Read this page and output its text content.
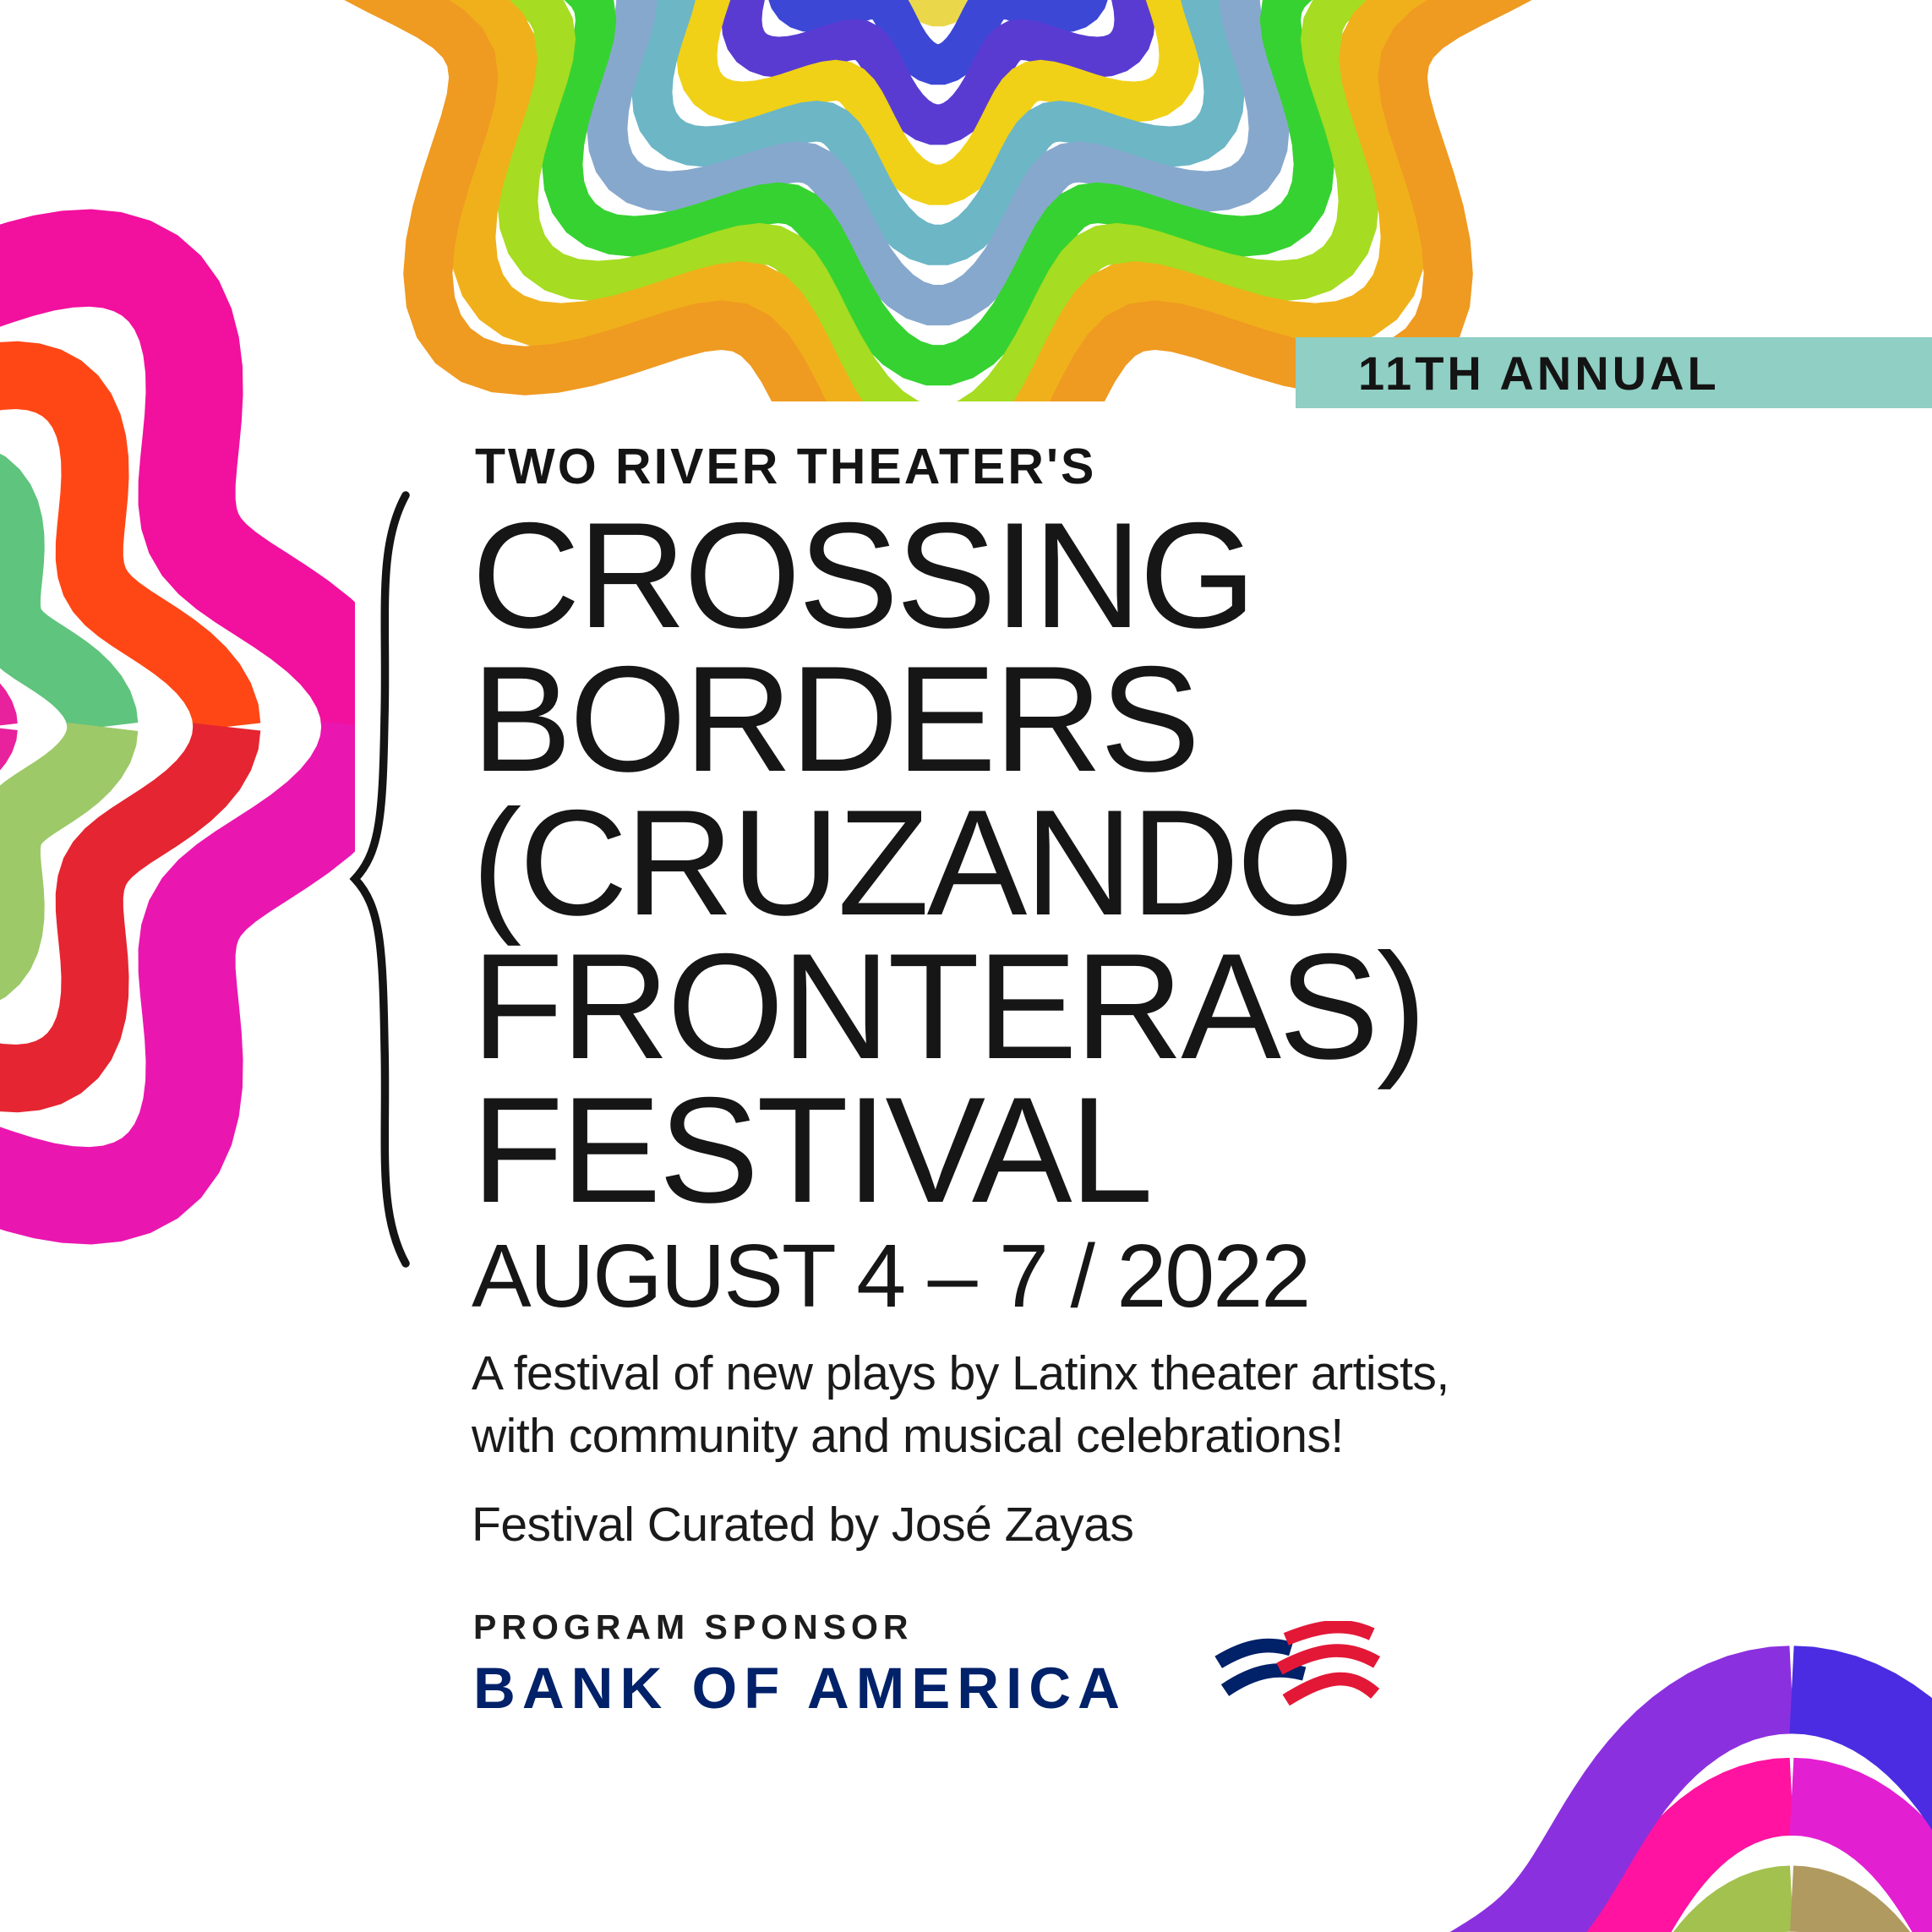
11TH ANNUAL
TWO RIVER THEATER'S
CROSSING
BORDERS
(CRUZANDO
FRONTERAS)
FESTIVAL
AUGUST 4 – 7 / 2022
A festival of new plays by Latinx theater artists,
with community and musical celebrations!
Festival Curated by José Zayas
PROGRAM SPONSOR
BANK OF AMERICA
